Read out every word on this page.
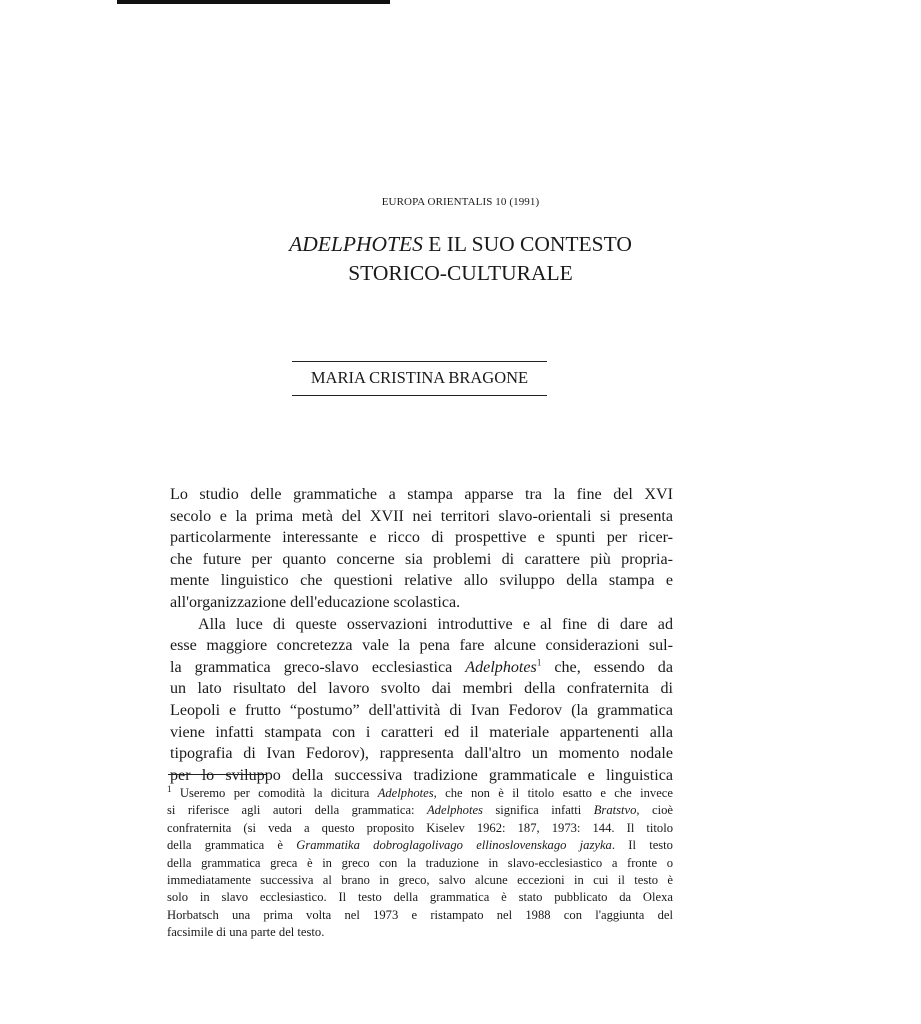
EUROPA ORIENTALIS 10 (1991)
ADELPHOTES E IL SUO CONTESTO
STORICO-CULTURALE
MARIA CRISTINA BRAGONE
Lo studio delle grammatiche a stampa apparse tra la fine del XVI
secolo e la prima metà del XVII nei territori slavo-orientali si presenta
particolarmente interessante e ricco di prospettive e spunti per ricer-
che future per quanto concerne sia problemi di carattere più propria-
mente linguistico che questioni relative allo sviluppo della stampa e
all'organizzazione dell'educazione scolastica.
Alla luce di queste osservazioni introduttive e al fine di dare ad
esse maggiore concretezza vale la pena fare alcune considerazioni sul-
la grammatica greco-slavo ecclesiastica Adelphotes$^1$ che, essendo da
un lato risultato del lavoro svolto dai membri della confraternita di
Leopoli e frutto “postumo” dell'attività di Ivan Fedorov (la grammatica
viene infatti stampata con i caratteri ed il materiale appartenenti alla
tipografia di Ivan Fedorov), rappresenta dall'altro un momento nodale
per lo sviluppo della successiva tradizione grammaticale e linguistica
$^1$ Useremo per comodità la dicitura Adelphotes, che non è il titolo esatto e che invece
si riferisce agli autori della grammatica: Adelphotes significa infatti Bratstvo, cioè
confraternita (si veda a questo proposito Kiselev 1962: 187, 1973: 144. Il titolo
della grammatica è Grammatika dobroglagolivago ellinoslovenskago jazyka. Il testo
della grammatica greca è in greco con la traduzione in slavo-ecclesiastico a fronte o
immediatamente successiva al brano in greco, salvo alcune eccezioni in cui il testo è
solo in slavo ecclesiastico. Il testo della grammatica è stato pubblicato da Olexa
Horbatsch una prima volta nel 1973 e ristampato nel 1988 con l'aggiunta del
facsimile di una parte del testo.
